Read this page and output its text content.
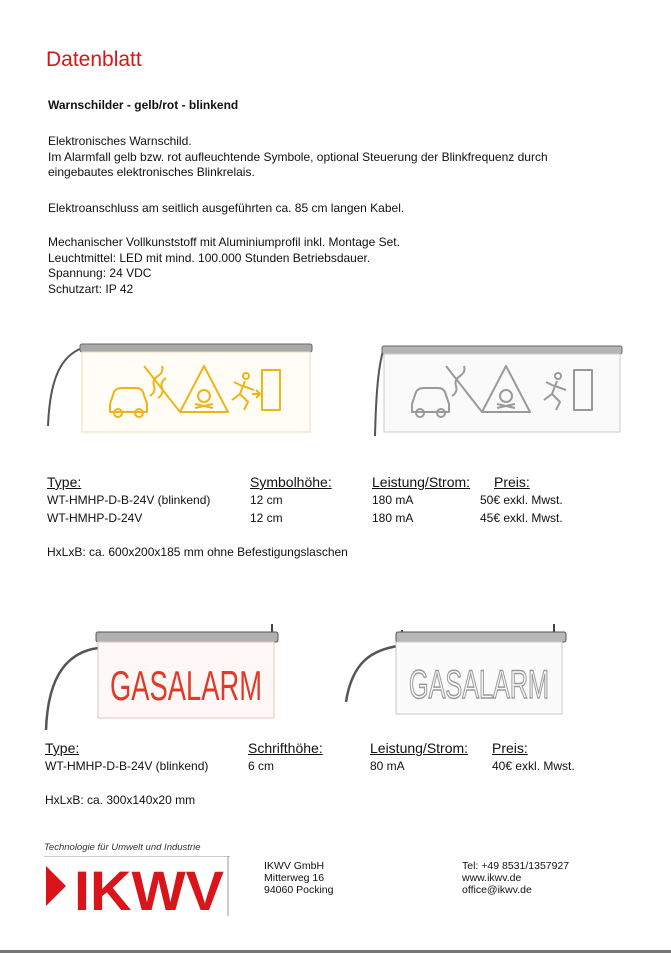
Datenblatt
Warnschilder - gelb/rot - blinkend
Elektronisches Warnschild.
Im Alarmfall gelb bzw. rot aufleuchtende Symbole, optional Steuerung der Blinkfrequenz durch
eingebautes elektronisches Blinkrelais.
Elektroanschluss am seitlich ausgeführten ca. 85 cm langen Kabel.
Mechanischer Vollkunststoff mit Aluminiumprofil inkl. Montage Set.
Leuchtmittel: LED mit mind. 100.000 Stunden Betriebsdauer.
Spannung: 24 VDC
Schutzart: IP 42
Type:	Symbolhöhe:	Leistung/Strom: Preis:
WT-HMHP-D-B-24V (blinkend)	12 cm	180 mA	50€ exkl. Mwst.
WT-HMHP-D-24V	12 cm	180 mA	45€ exkl. Mwst.
HxLxB: ca. 600x200x185 mm ohne Befestigungslaschen
GASALARM	GASALARM
Type:	Schrifthöhe:	Leistung/Strom: Preis:
WT-HMHP-D-B-24V (blinkend)	6 cm	80 mA	40€ exkl. Mwst.
HxLxB: ca. 300x140x20 mm
Technologie für Umwelt und Industrie
IKWV	IKWV GmbH
Mitterweg 16
94060 Pocking
Tel: +49 8531/1357927
www.ikwv.de
office@ikwv.de
